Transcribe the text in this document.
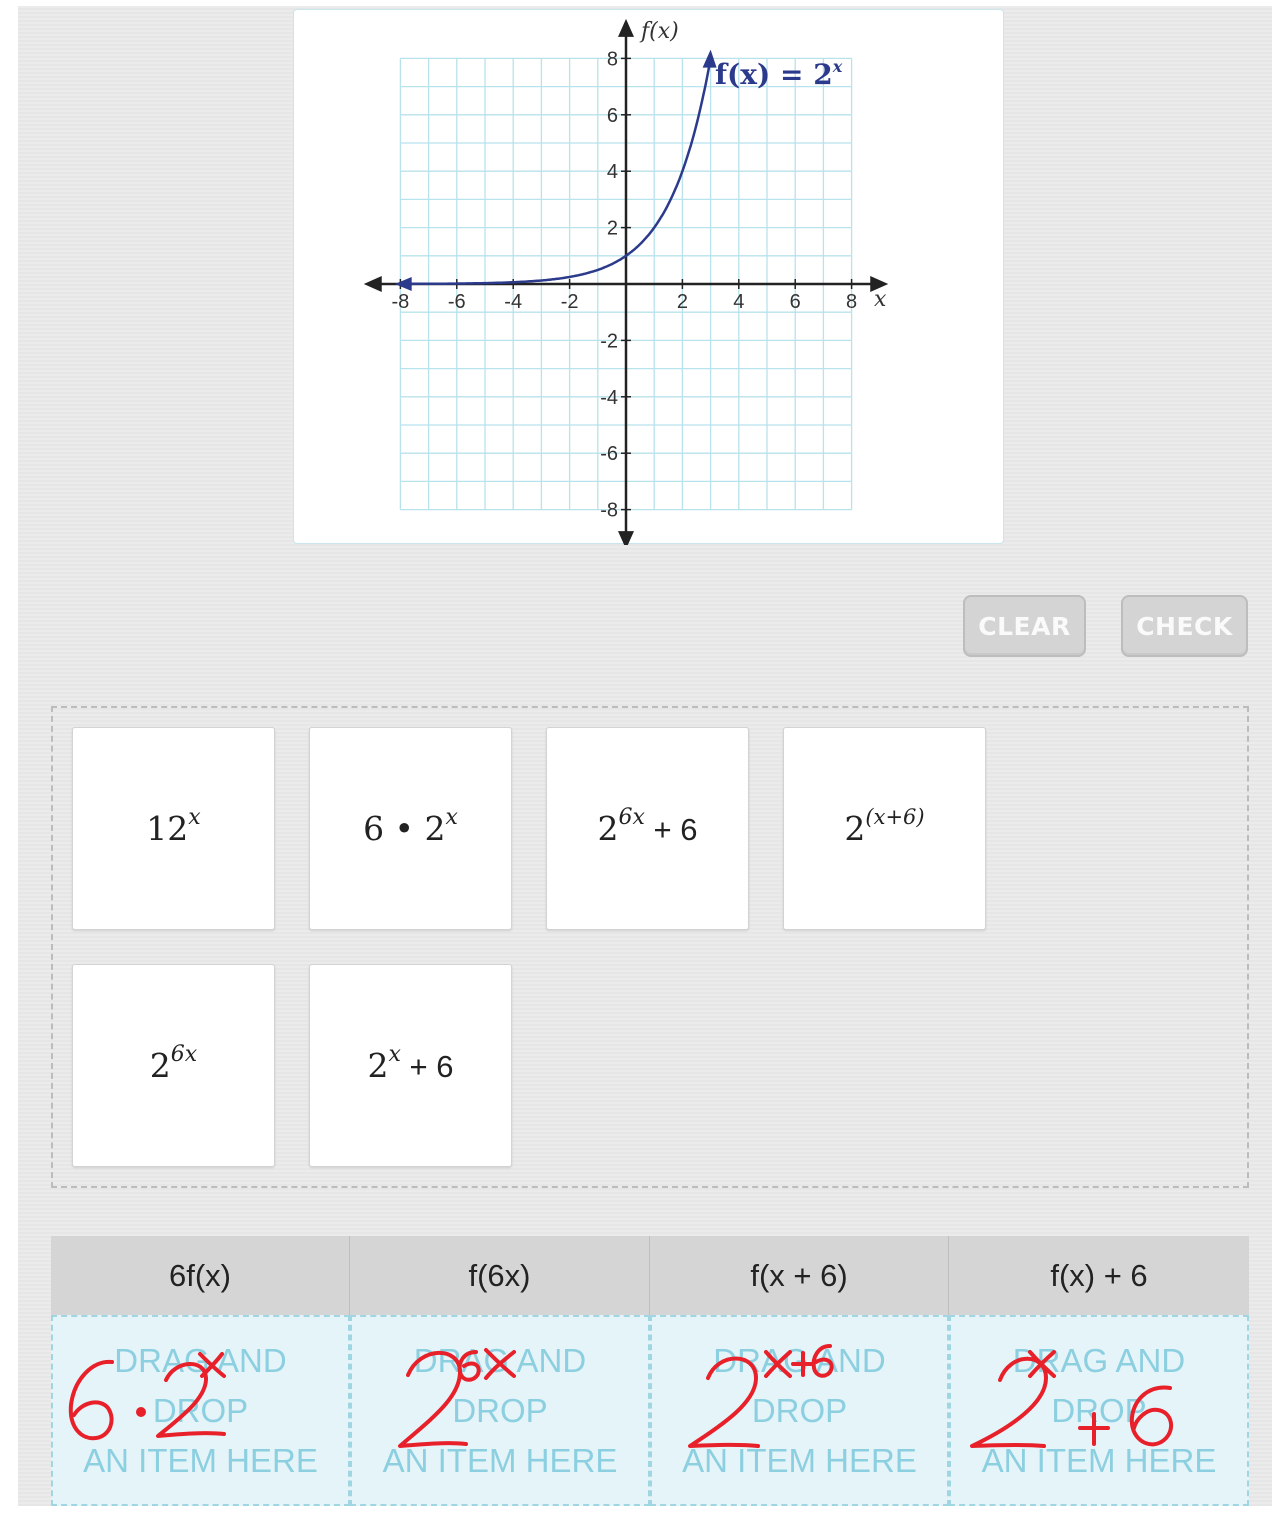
-8 -6 -4 -2	2 4 6 8
8
6
4
2
-2
-4
-6
-8
f(x)
x
$f(x) = 2^x$
CLEAR	CHECK
12$^x$	6 • 2$^x$	$2^{6x} + 6$	$2^{(x+6)}$
$2^{6x}$	$2^x + 6$
6f(x)	f(6x)	f(x + 6)	f(x) + 6
DRAG AND
DROP
AN ITEM HERE
DRAG AND
DROP
AN ITEM HERE
DRAG AND
DROP
AN ITEM HERE
DRAG AND
DROP
AN ITEM HERE
